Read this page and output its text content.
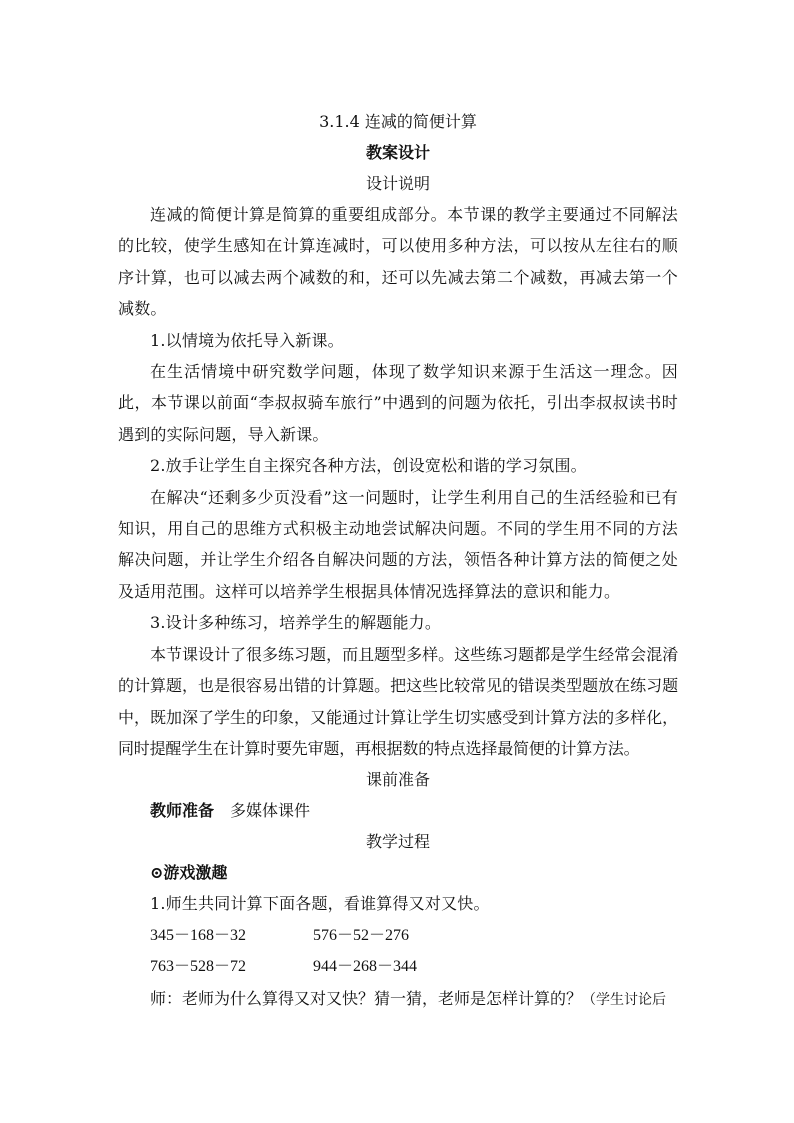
3.1.4 连减的简便计算

教案设计

设计说明

连减的简便计算是简算的重要组成部分。本节课的教学主要通过不同解法的比较，使学生感知在计算连减时，可以使用多种方法，可以按从左往右的顺序计算，也可以减去两个减数的和，还可以先减去第二个减数，再减去第一个减数。

1.以情境为依托导入新课。

在生活情境中研究数学问题，体现了数学知识来源于生活这一理念。因此，本节课以前面“李叔叔骑车旅行”中遇到的问题为依托，引出李叔叔读书时遇到的实际问题，导入新课。

2.放手让学生自主探究各种方法，创设宽松和谐的学习氛围。

在解决“还剩多少页没看”这一问题时，让学生利用自己的生活经验和已有知识，用自己的思维方式积极主动地尝试解决问题。不同的学生用不同的方法解决问题，并让学生介绍各自解决问题的方法，领悟各种计算方法的简便之处及适用范围。这样可以培养学生根据具体情况选择算法的意识和能力。

3.设计多种练习，培养学生的解题能力。

本节课设计了很多练习题，而且题型多样。这些练习题都是学生经常会混淆的计算题，也是很容易出错的计算题。把这些比较常见的错误类型题放在练习题中，既加深了学生的印象，又能通过计算让学生切实感受到计算方法的多样化，同时提醒学生在计算时要先审题，再根据数的特点选择最简便的计算方法。

课前准备

教师准备 多媒体课件

教学过程

⊙游戏激趣

1.师生共同计算下面各题，看谁算得又对又快。

345－168－32	576－52－276
763－528－72	944－268－344

师：老师为什么算得又对又快？猜一猜，老师是怎样计算的？（学生讨论后
